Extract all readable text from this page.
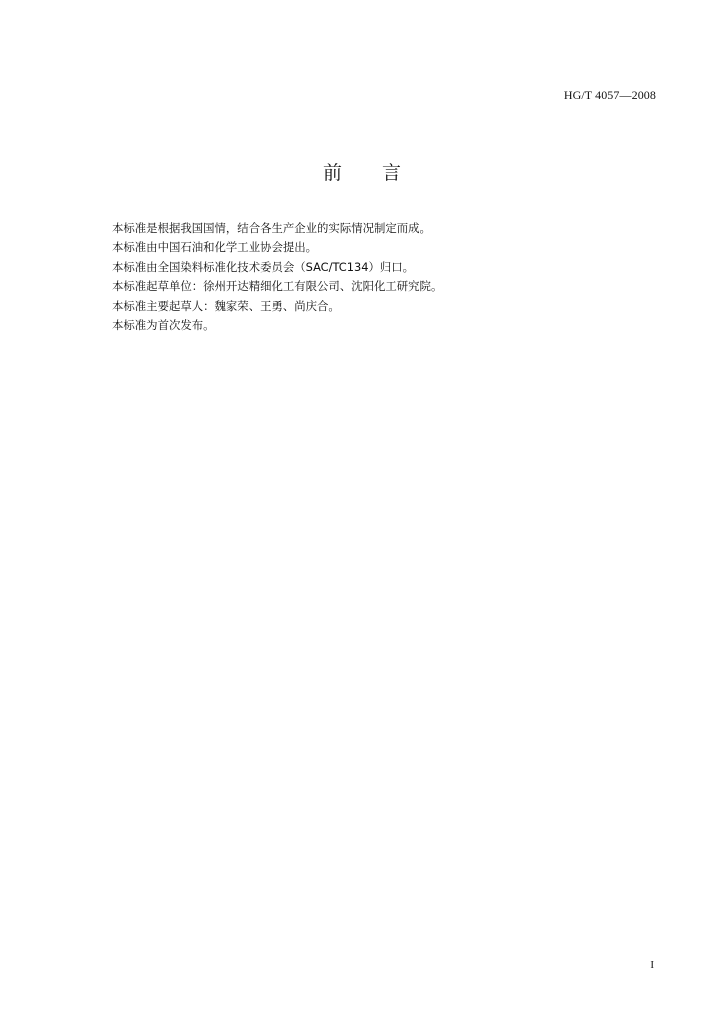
HG/T 4057—2008
前言

本标准是根据我国国情，结合各生产企业的实际情况制定而成。

本标准由中国石油和化学工业协会提出。

本标准由全国染料标准化技术委员会（SAC/TC134）归口。

本标准起草单位：徐州开达精细化工有限公司、沈阳化工研究院。

本标准主要起草人：魏家荣、王勇、尚庆合。

本标准为首次发布。

I
